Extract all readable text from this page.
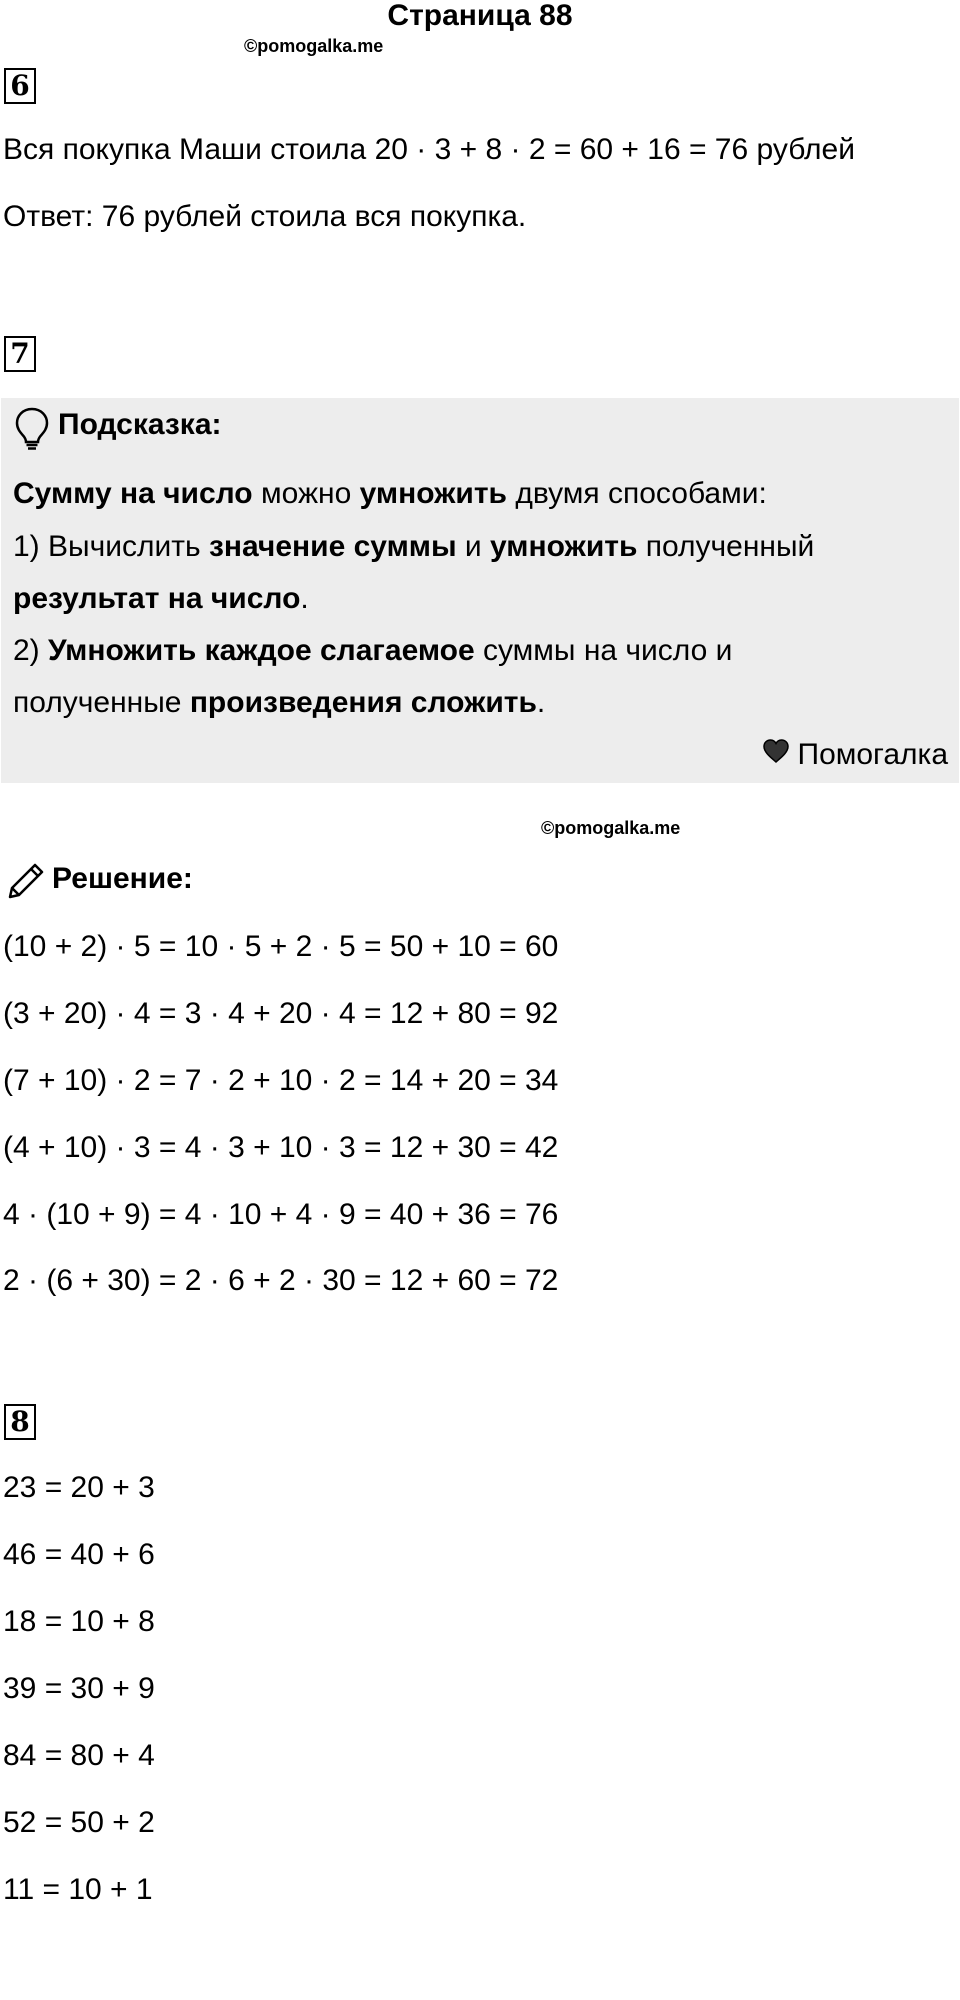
Страница 88
©pomogalka.me
6
Вся покупка Маши стоила 20 · 3 + 8 · 2 = 60 + 16 = 76 рублей
Ответ: 76 рублей стоила вся покупка.
7
Подсказка:
Сумму на число можно умножить двумя способами:
1) Вычислить значение суммы и умножить полученный
результат на число.
2) Умножить каждое слагаемое суммы на число и
полученные произведения сложить.
Помогалка
©pomogalka.me
Решение:
(10 + 2) · 5 = 10 · 5 + 2 · 5 = 50 + 10 = 60
(3 + 20) · 4 = 3 · 4 + 20 · 4 = 12 + 80 = 92
(7 + 10) · 2 = 7 · 2 + 10 · 2 = 14 + 20 = 34
(4 + 10) · 3 = 4 · 3 + 10 · 3 = 12 + 30 = 42
4 · (10 + 9) = 4 · 10 + 4 · 9 = 40 + 36 = 76
2 · (6 + 30) = 2 · 6 + 2 · 30 = 12 + 60 = 72
8
23 = 20 + 3
46 = 40 + 6
18 = 10 + 8
39 = 30 + 9
84 = 80 + 4
52 = 50 + 2
11 = 10 + 1
